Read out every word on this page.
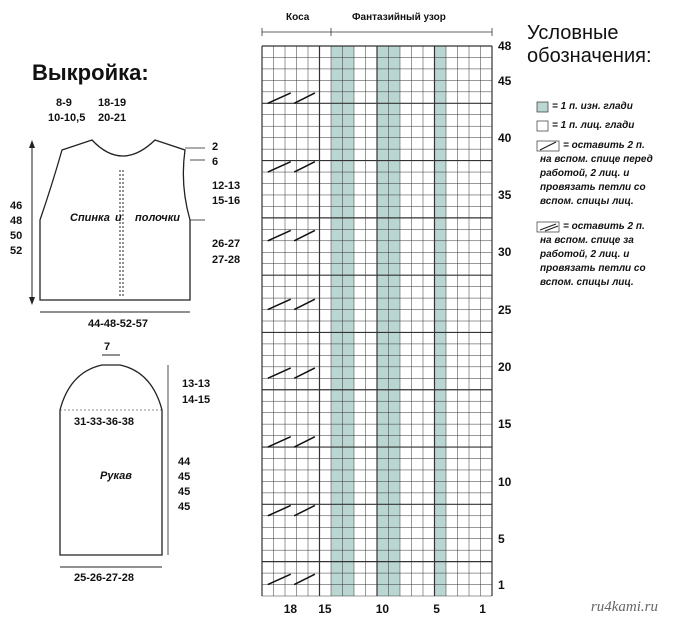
Выкройка:
8-9
10-10,5
18-19
20-21
2
6
12-13
15-16
26-27
27-28
46
48
50
52
Спинка и полочки
44-48-52-57
7
13-13
14-15
31-33-36-38
Рукав
44
45
45
45
25-26-27-28
Коса	Фантазийный узор
48
45
40
35
30
25
20
15
10
5
1
18 15	10	5	1
Условные
обозначения:
= 1 п. изн. глади
= 1 п. лиц. глади
= оставить 2 п.
на вспом. спице перед
работой, 2 лиц. и
провязать петли со
вспом. спицы лиц.
= оставить 2 п.
на вспом. спице за
работой, 2 лиц. и
провязать петли со
вспом. спицы лиц.
ru4kami.ru
